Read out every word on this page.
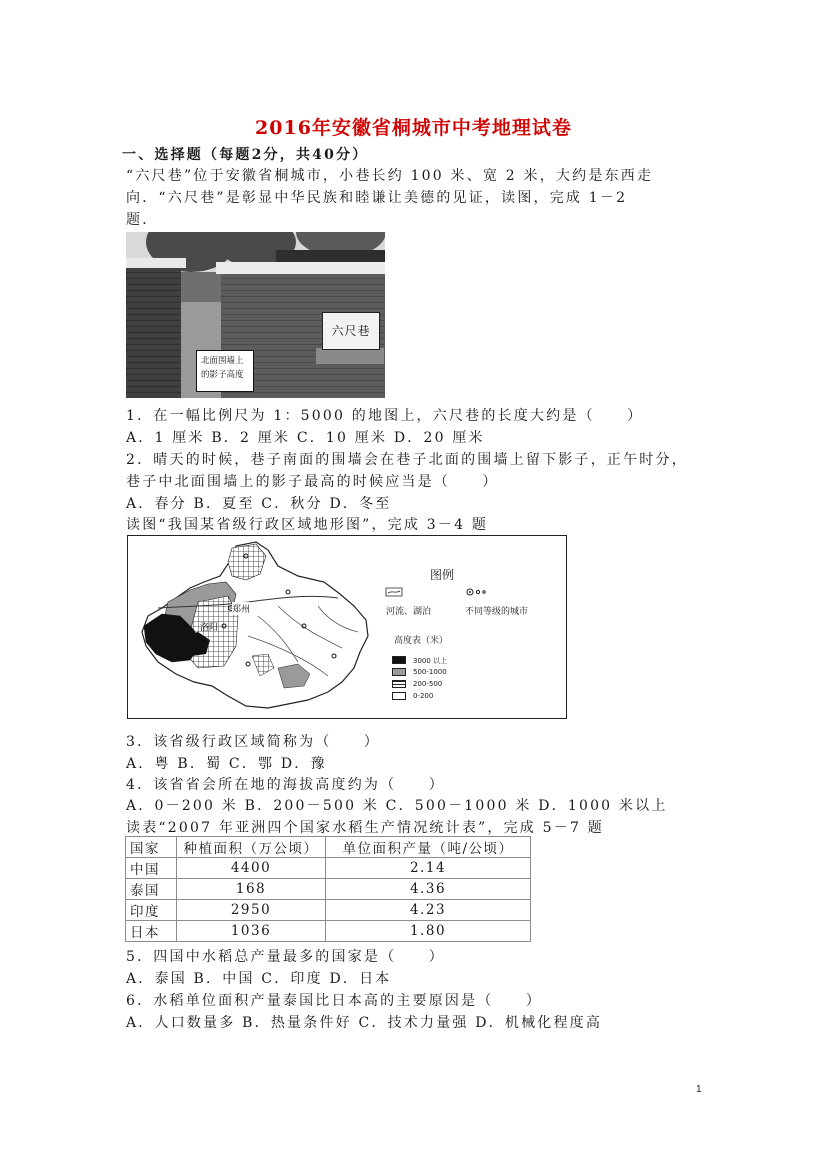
2016年安徽省桐城市中考地理试卷
一、选择题（每题2分，共40分）
“六尺巷”位于安徽省桐城市，小巷长约 100 米、宽 2 米，大约是东西走
向．“六尺巷”是彰显中华民族和睦谦让美德的见证，读图，完成 1－2
题．
六尺巷
北面围墙上
的影子高度
1．在一幅比例尺为 1：5000 的地图上，六尺巷的长度大约是（　　）
A．1 厘米 B．2 厘米 C．10 厘米 D．20 厘米
2．晴天的时候，巷子南面的围墙会在巷子北面的围墙上留下影子，正午时分，
巷子中北面围墙上的影子最高的时候应当是（　　）
A．春分 B．夏至 C．秋分 D．冬至
读图“我国某省级行政区域地形图”，完成 3－4 题
郑州
洛阳
图例
河流、湖泊	不同等级的城市
高度表（米）
3000 以上
500-1000
200-500
0-200
3．该省级行政区域简称为（　　）
A．粤 B．蜀 C．鄂 D．豫
4．该省省会所在地的海拔高度约为（　　）
A．0－200 米 B．200－500 米 C．500－1000 米 D．1000 米以上
读表“2007 年亚洲四个国家水稻生产情况统计表”，完成 5－7 题
国家	种植面积（万公顷）	单位面积产量（吨/公顷）
中国	4400	2.14
泰国	168	4.36
印度	2950	4.23
日本	1036	1.80
5．四国中水稻总产量最多的国家是（　　）
A．泰国 B．中国 C．印度 D．日本
6．水稻单位面积产量泰国比日本高的主要原因是（　　）
A．人口数量多 B．热量条件好 C．技术力量强 D．机械化程度高
1
